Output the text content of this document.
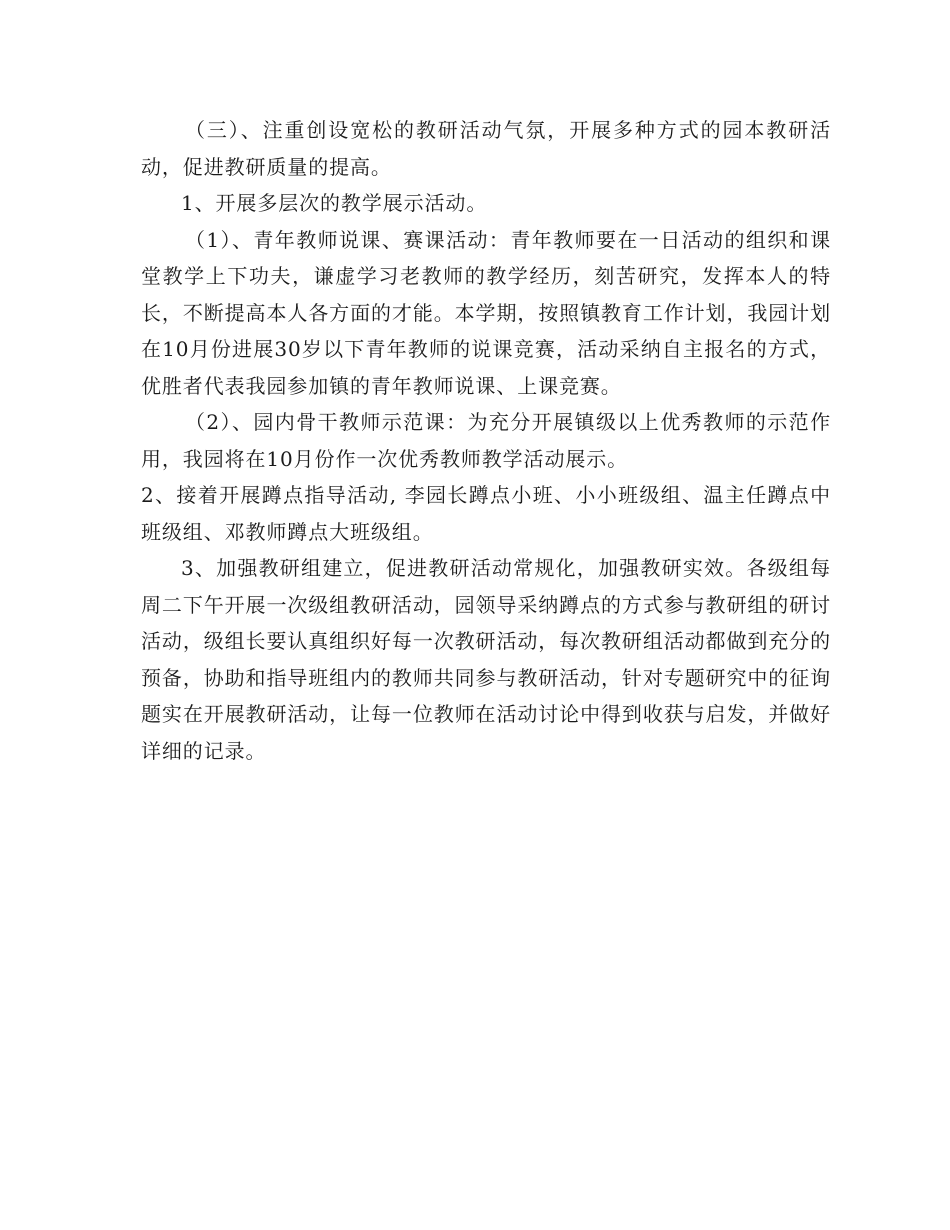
（三）、注重创设宽松的教研活动气氛，开展多种方式的园本教研活动，促进教研质量的提高。

1、开展多层次的教学展示活动。

（1）、青年教师说课、赛课活动：青年教师要在一日活动的组织和课堂教学上下功夫，谦虚学习老教师的教学经历，刻苦研究，发挥本人的特长，不断提高本人各方面的才能。本学期，按照镇教育工作计划，我园计划在10月份进展30岁以下青年教师的说课竞赛，活动采纳自主报名的方式，优胜者代表我园参加镇的青年教师说课、上课竞赛。

（2）、园内骨干教师示范课：为充分开展镇级以上优秀教师的示范作用，我园将在10月份作一次优秀教师教学活动展示。

2、接着开展蹲点指导活动, 李园长蹲点小班、小小班级组、温主任蹲点中班级组、邓教师蹲点大班级组。

3、加强教研组建立，促进教研活动常规化，加强教研实效。各级组每周二下午开展一次级组教研活动，园领导采纳蹲点的方式参与教研组的研讨活动，级组长要认真组织好每一次教研活动，每次教研组活动都做到充分的预备，协助和指导班组内的教师共同参与教研活动，针对专题研究中的征询题实在开展教研活动，让每一位教师在活动讨论中得到收获与启发，并做好详细的记录。
